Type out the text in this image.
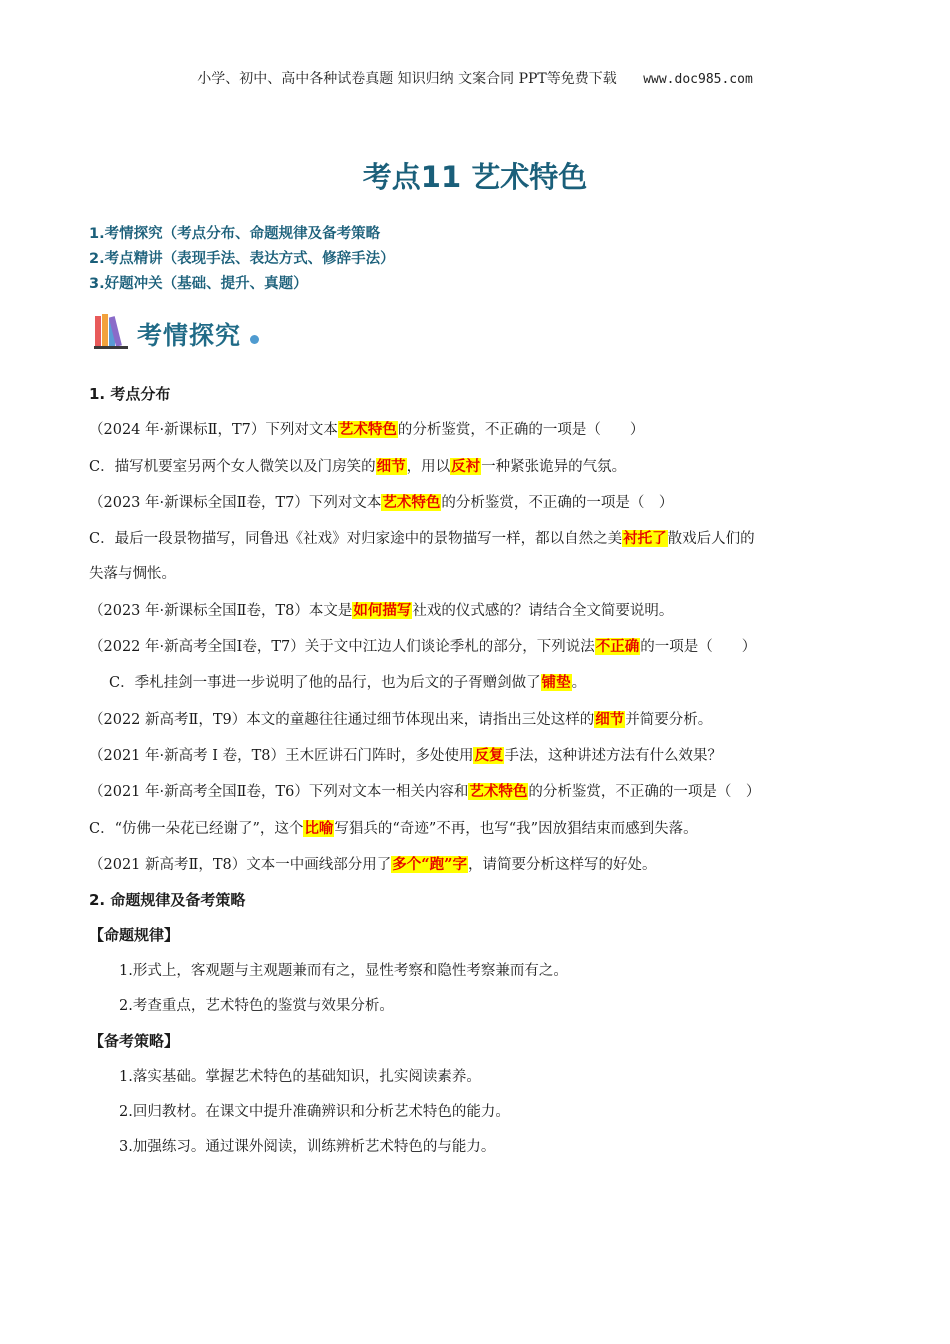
小学、初中、高中各种试卷真题 知识归纳 文案合同 PPT等免费下载 www.doc985.com
考点11 艺术特色
1.考情探究（考点分布、命题规律及备考策略
2.考点精讲（表现手法、表达方式、修辞手法）
3.好题冲关（基础、提升、真题）
考情探究
1. 考点分布
（2024 年·新课标Ⅱ，T7）下列对文本艺术特色的分析鉴赏，不正确的一项是（　　）
C．描写机要室另两个女人微笑以及门房笑的细节，用以反衬一种紧张诡异的气氛。
（2023 年·新课标全国Ⅱ卷，T7）下列对文本艺术特色的分析鉴赏，不正确的一项是（　）
C．最后一段景物描写，同鲁迅《社戏》对归家途中的景物描写一样，都以自然之美衬托了散戏后人们的
失落与惆怅。
（2023 年·新课标全国Ⅱ卷，T8）本文是如何描写社戏的仪式感的？请结合全文简要说明。
（2022 年·新高考全国Ⅰ卷，T7）关于文中江边人们谈论季札的部分，下列说法不正确的一项是（　　）
C．季札挂剑一事进一步说明了他的品行，也为后文的子胥赠剑做了铺垫。
（2022 新高考Ⅱ，T9）本文的童趣往往通过细节体现出来，请指出三处这样的细节并简要分析。
（2021 年·新高考 I 卷，T8）王木匠讲石门阵时，多处使用反复手法，这种讲述方法有什么效果？
（2021 年·新高考全国Ⅱ卷，T6）下列对文本一相关内容和艺术特色的分析鉴赏，不正确的一项是（　）
C．“仿佛一朵花已经谢了”，这个比喻写猖兵的“奇迹”不再，也写“我”因放猖结束而感到失落。
（2021 新高考Ⅱ，T8）文本一中画线部分用了多个“跑”字，请简要分析这样写的好处。
2. 命题规律及备考策略
【命题规律】
1.形式上，客观题与主观题兼而有之，显性考察和隐性考察兼而有之。
2.考查重点，艺术特色的鉴赏与效果分析。
【备考策略】
1.落实基础。掌握艺术特色的基础知识，扎实阅读素养。
2.回归教材。在课文中提升准确辨识和分析艺术特色的能力。
3.加强练习。通过课外阅读，训练辨析艺术特色的与能力。
